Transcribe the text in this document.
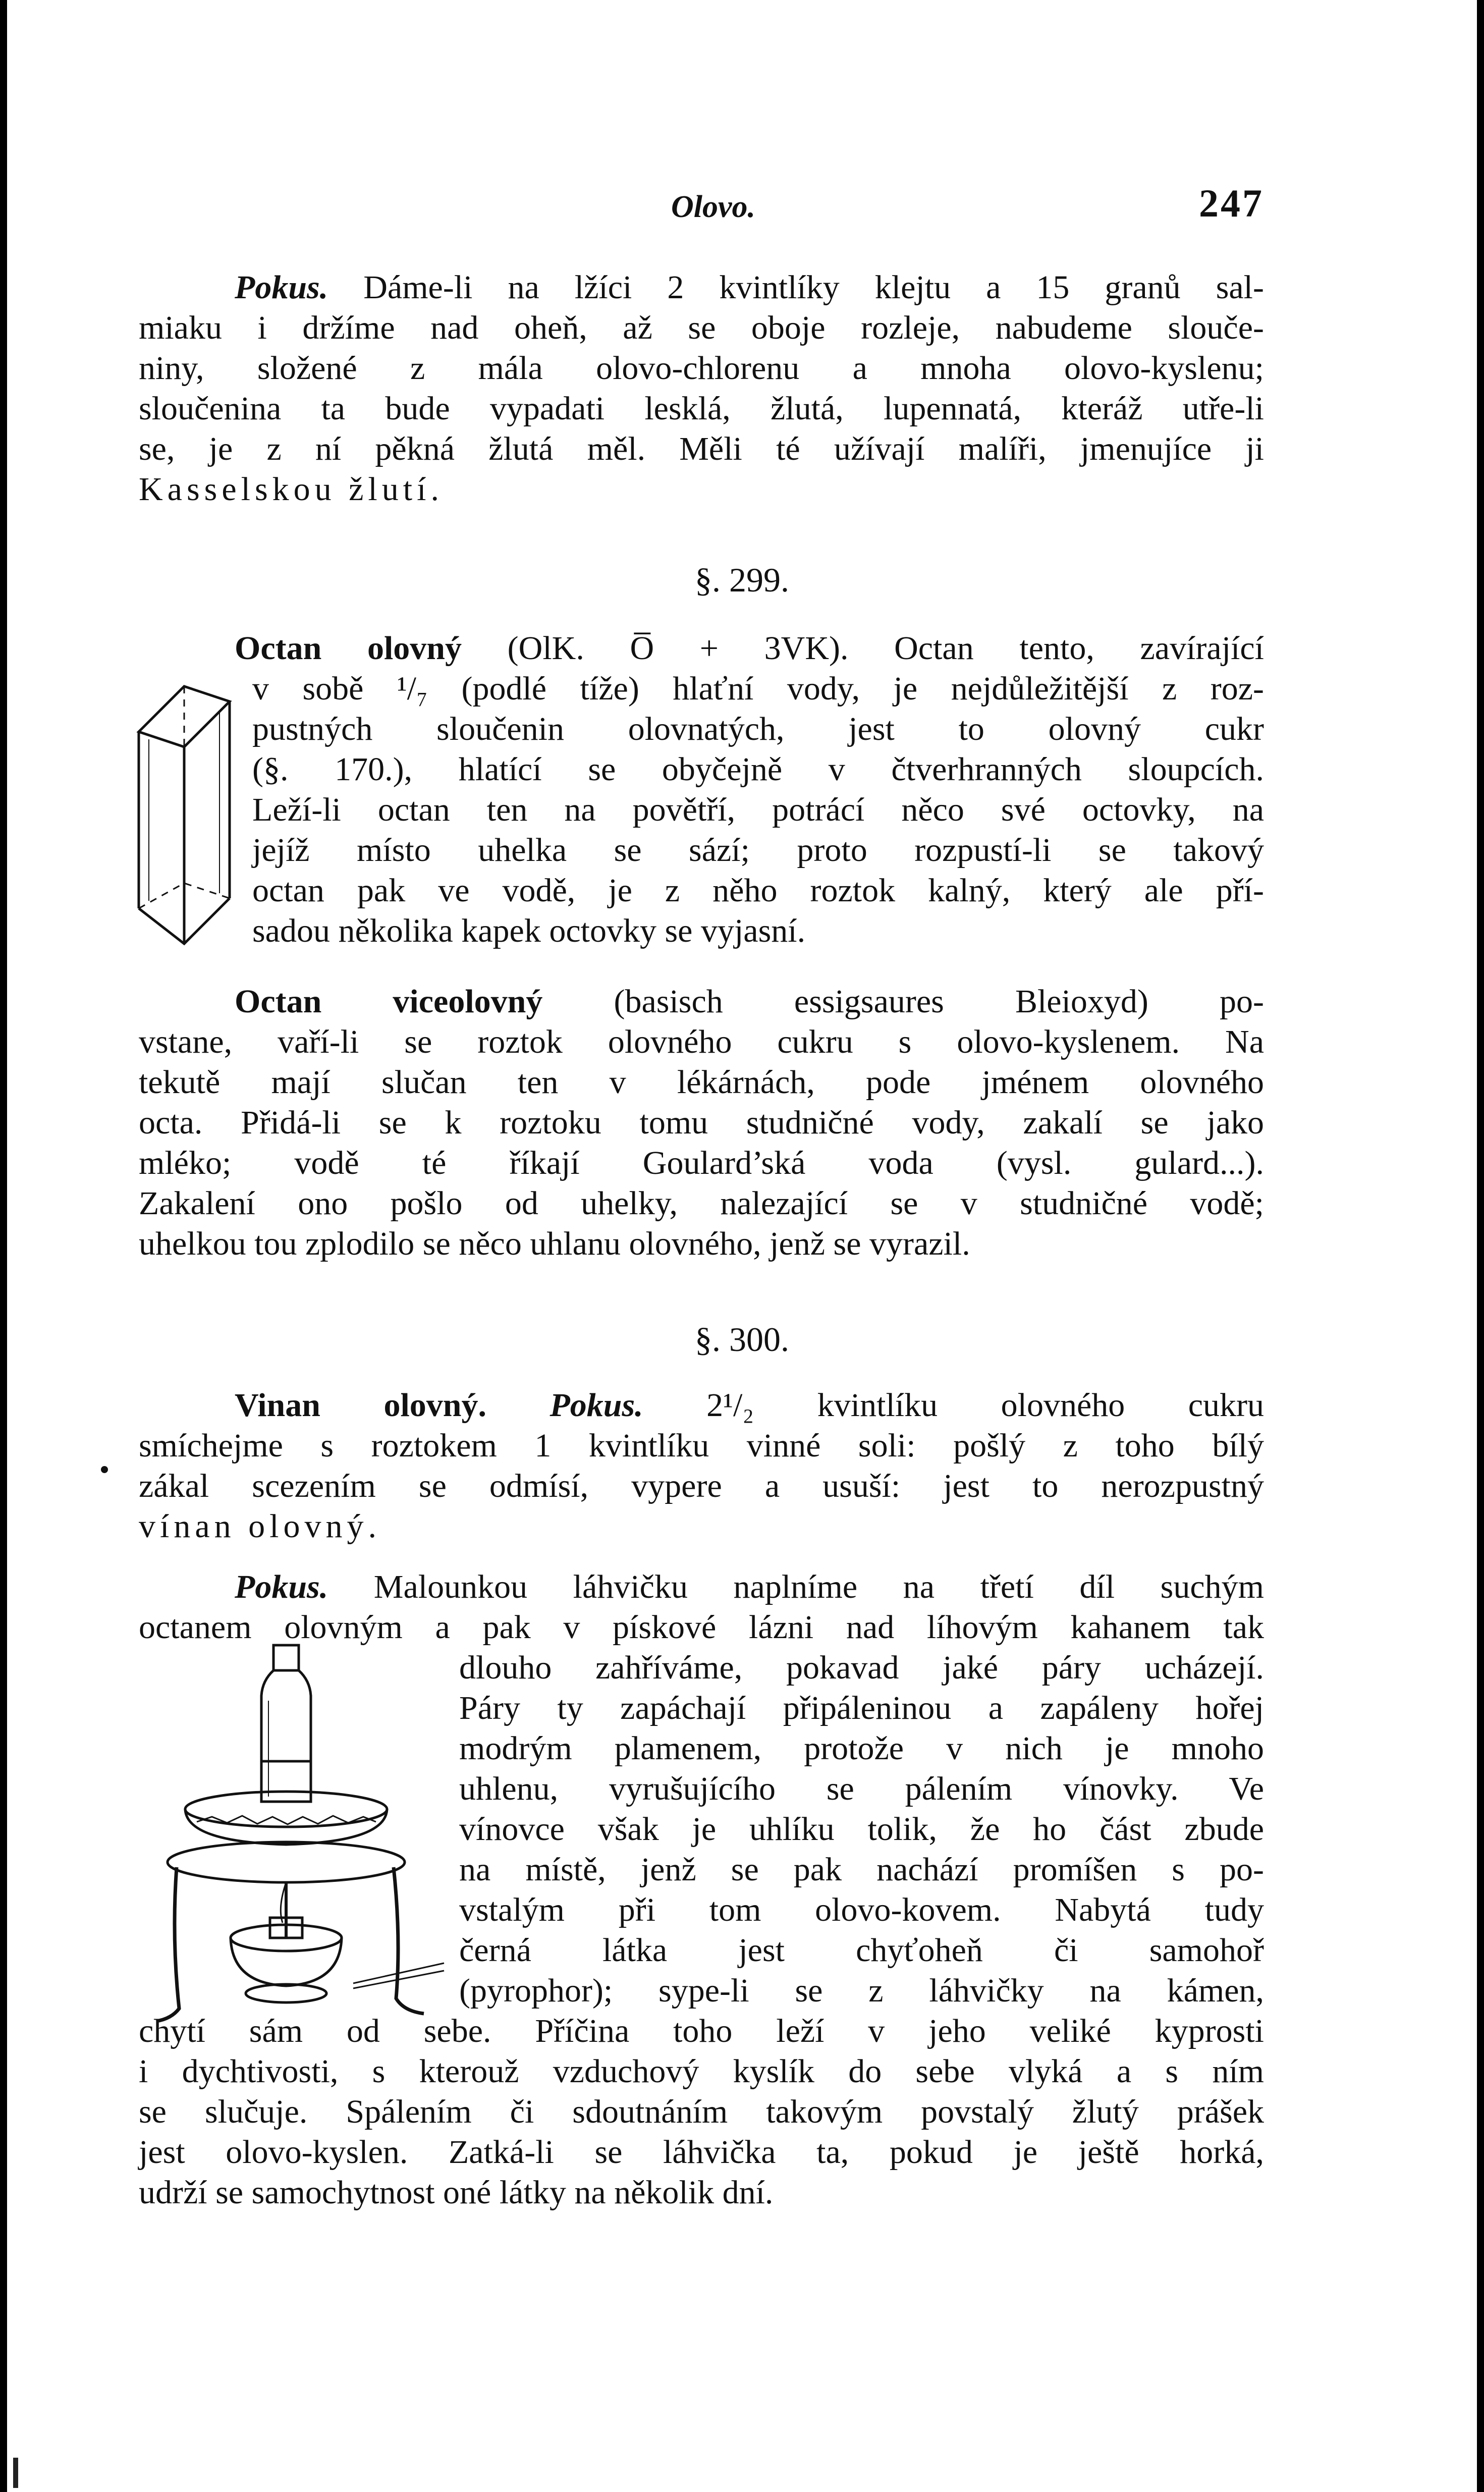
Olovo.	247

Pokus. Dáme-li na lžíci 2 kvintlíky klejtu a 15 granů sal-

miaku i držíme nad oheň, až se oboje rozleje, nabudeme slouče-

niny, složené z mála olovo-chlorenu a mnoha olovo-kyslenu;

sloučenina ta bude vypadati lesklá, žlutá, lupennatá, kteráž utře-li

se, je z ní pěkná žlutá měl. Měli té užívají malíři, jmenujíce ji

Kasselskou žlutí.

§. 299.

Octan olovný (OlK. O̅ + 3VK). Octan tento, zavírající

v sobě ¹/₇ (podlé tíže) hlaťní vody, je nejdůležitější z roz-

pustných sloučenin olovnatých, jest to olovný cukr

(§. 170.), hlatící se obyčejně v čtverhranných sloupcích.

Leží-li octan ten na povětří, potrácí něco své octovky, na

jejíž místo uhelka se sází; proto rozpustí-li se takový

octan pak ve vodě, je z něho roztok kalný, který ale pří-

sadou několika kapek octovky se vyjasní.

Octan viceolovný (basisch essigsaures Bleioxyd) po-

vstane, vaří-li se roztok olovného cukru s olovo-kyslenem. Na

tekutě mají slučan ten v lékárnách, pode jménem olovného

octa. Přidá-li se k roztoku tomu studničné vody, zakalí se jako

mléko; vodě té říkají Goulard’ská voda (vysl. gulard...).

Zakalení ono pošlo od uhelky, nalezající se v studničné vodě;

uhelkou tou zplodilo se něco uhlanu olovného, jenž se vyrazil.

§. 300.

Vinan olovný. Pokus. 2¹/₂ kvintlíku olovného cukru

smíchejme s roztokem 1 kvintlíku vinné soli: pošlý z toho bílý

zákal scezením se odmísí, vypere a usuší: jest to nerozpustný

vínan olovný.

Pokus. Malounkou láhvičku naplníme na třetí díl suchým

octanem olovným a pak v pískové lázni nad líhovým kahanem tak

dlouho zahříváme, pokavad jaké páry ucházejí.

Páry ty zapáchají připáleninou a zapáleny hořej

modrým plamenem, protože v nich je mnoho

uhlenu, vyrušujícího se pálením vínovky. Ve

vínovce však je uhlíku tolik, že ho část zbude

na místě, jenž se pak nachází promíšen s po-

vstalým při tom olovo-kovem. Nabytá tudy

černá látka jest chyťoheň či samohoř

(pyrophor); sype-li se z láhvičky na kámen,

chytí sám od sebe. Příčina toho leží v jeho veliké kyprosti

i dychtivosti, s kterouž vzduchový kyslík do sebe vlyká a s ním

se slučuje. Spálením či sdoutnáním takovým povstalý žlutý prášek

jest olovo-kyslen. Zatká-li se láhvička ta, pokud je ještě horká,

udrží se samochytnost oné látky na několik dní.
